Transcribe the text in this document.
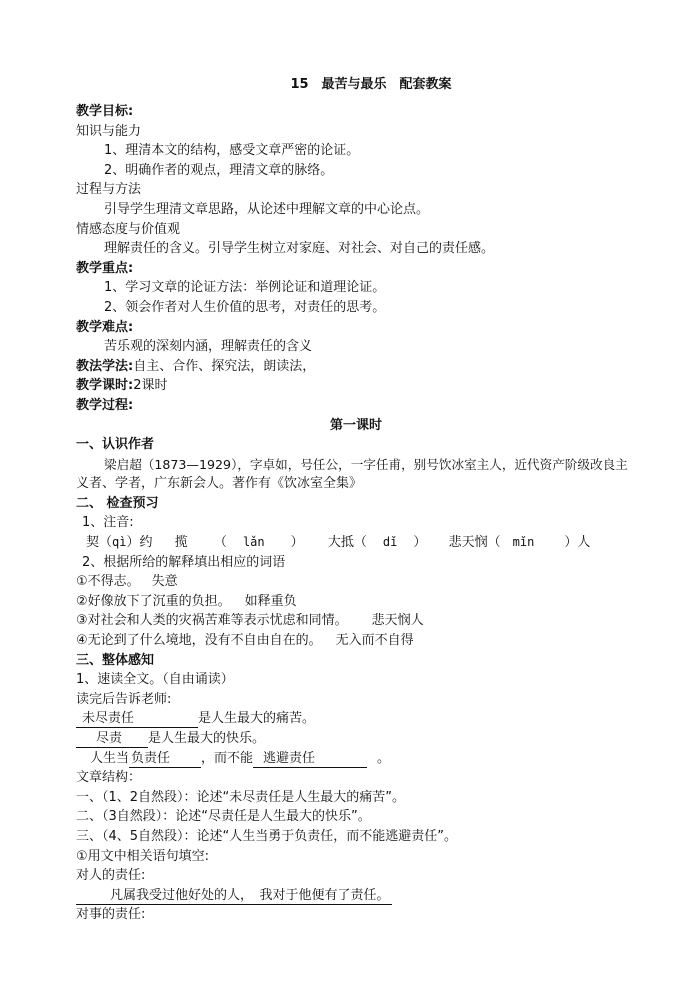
15　最苦与最乐　配套教案
教学目标:
知识与能力
1、理清本文的结构，感受文章严密的论证。
2、明确作者的观点，理清文章的脉络。
过程与方法
引导学生理清文章思路，从论述中理解文章的中心论点。
情感态度与价值观
理解责任的含义。引导学生树立对家庭、对社会、对自己的责任感。
教学重点:
1、学习文章的论证方法：举例论证和道理论证。
2、领会作者对人生价值的思考，对责任的思考。
教学难点:
苦乐观的深刻内涵，理解责任的含义
教法学法:自主、合作、探究法，朗读法，
教学课时:2课时
教学过程:
第一课时
一、认识作者
梁启超（1873—1929），字卓如，号任公，一字任甫，别号饮冰室主人，近代资产阶级改良主
义者、学者，广东新会人。著作有《饮冰室全集》
二、 检查预习
1、注音:
契（qì）约 揽 （ lǎn ）  大抵（ dǐ ）  悲天悯（ mǐn ）人
2、根据所给的解释填出相应的词语
①不得志。 失意
②好像放下了沉重的负担。 如释重负
③对社会和人类的灾祸苦难等表示忧虑和同情。 悲天悯人
④无论到了什么境地，没有不自由自在的。 无入而不自得
三、整体感知
1、速读全文。（自由诵读）
读完后告诉老师:
未尽责任	是人生最大的痛苦。
尽责 是人生最大的快乐。
人生当 负责任 ，而不能 逃避责任	。
文章结构：
一、（1、2自然段）：论述“未尽责任是人生最大的痛苦”。
二、（3自然段）：论述“尽责任是人生最大的快乐”。
三、（4、5自然段）：论述“人生当勇于负责任，而不能逃避责任”。
①用文中相关语句填空:
对人的责任:
凡属我受过他好处的人，　我对于他便有了责任。
对事的责任:
